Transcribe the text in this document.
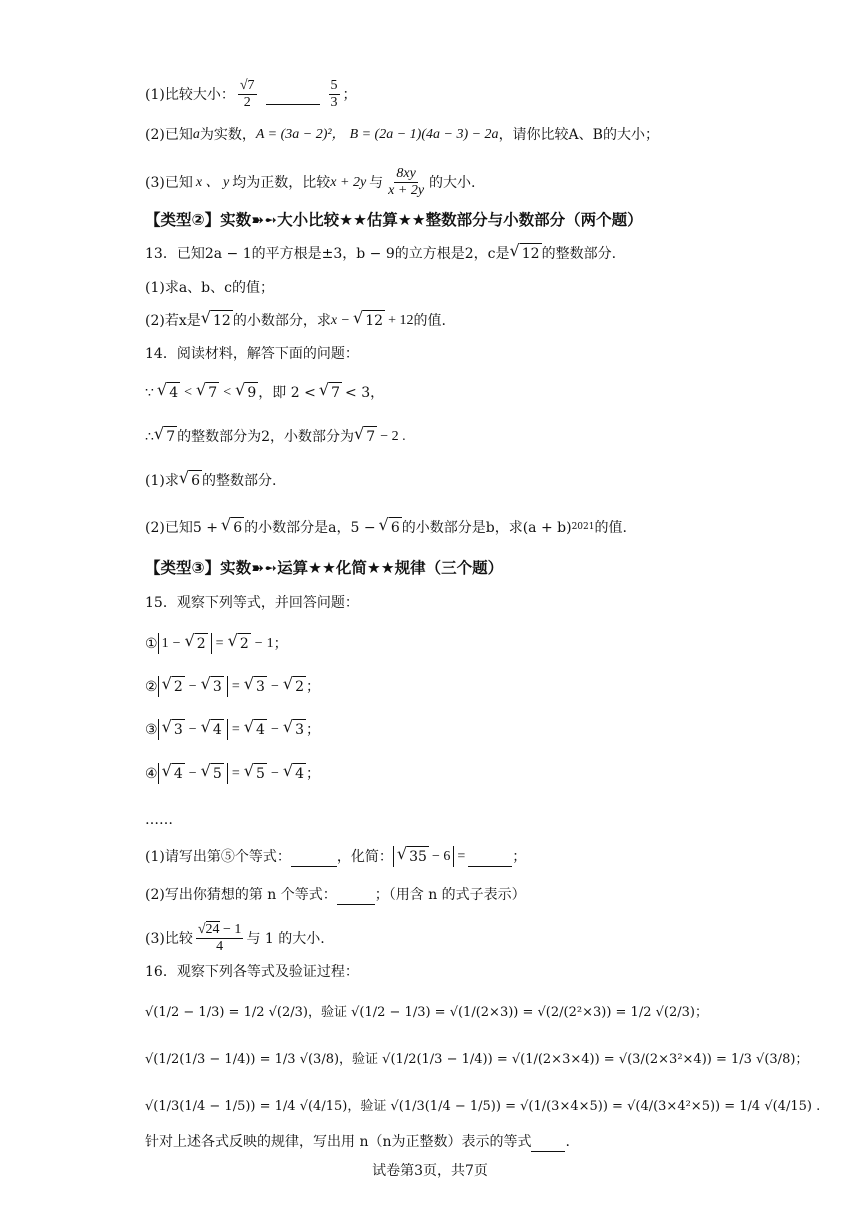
(1)比较大小： $\frac{√7}{2}$
	$\frac{5}{3}$ ；
(2)已知 a 为实数， A = (3a − 2)²， B = (2a − 1)(4a − 3) − 2a ，请你比较A、B的大小；
(3)已知 x 、 y 均为正数，比较 x + 2y 与 $\frac{8xy}{x + 2y}$ 的大小.
【类型②】实数➽➻大小比较★★估算★★整数部分与小数部分（两个题）
13．已知2a − 1的平方根是±3，b − 9的立方根是2，c是 √ 12 的整数部分.
(1)求a、b、c的值；
(2)若x是 √ 12 的小数部分，求 x − √ 12 + 12 的值.
14．阅读材料，解答下面的问题：
∵ √ 4 < √ 7 < √ 9 ，即 2 < √ 7 < 3，
∴ √ 7 的整数部分为2，小数部分为 √ 7 − 2 .
(1)求 √ 6 的整数部分.
(2)已知5 + √ 6 的小数部分是a，5 − √ 6 的小数部分是b，求(a + b) 2021 的值.
【类型③】实数➽➻运算★★化简★★规律（三个题）
15．观察下列等式，并回答问题：
① 1 − √ 2 = √ 2 − 1 ；
② √ 2 − √ 3 = √ 3 − √ 2 ；
③ √ 3 − √ 4 = √ 4 − √ 3 ；
④ √ 4 − √ 5 = √ 5 − √ 4 ；
……
(1)请写出第⑤个等式：
	，化简： √ 35 − 6 =
	；
(2)写出你猜想的第 n 个等式：
	；（用含 n 的式子表示）
(3)比较 $\frac{√24 - 1}{4}$ 与 1 的大小.
16．观察下列各等式及验证过程：
√(1/2 − 1/3) = 1/2 √(2/3)，验证 √(1/2 − 1/3) = √(1/(2×3)) = √(2/(2²×3)) = 1/2 √(2/3)；
√(1/2(1/3 − 1/4)) = 1/3 √(3/8)，验证 √(1/2(1/3 − 1/4)) = √(1/(2×3×4)) = √(3/(2×3²×4)) = 1/3 √(3/8)；
√(1/3(1/4 − 1/5)) = 1/4 √(4/15)，验证 √(1/3(1/4 − 1/5)) = √(1/(3×4×5)) = √(4/(3×4²×5)) = 1/4 √(4/15) .
针对上述各式反映的规律，写出用 n（n为正整数）表示的等式
.
试卷第3页，共7页
